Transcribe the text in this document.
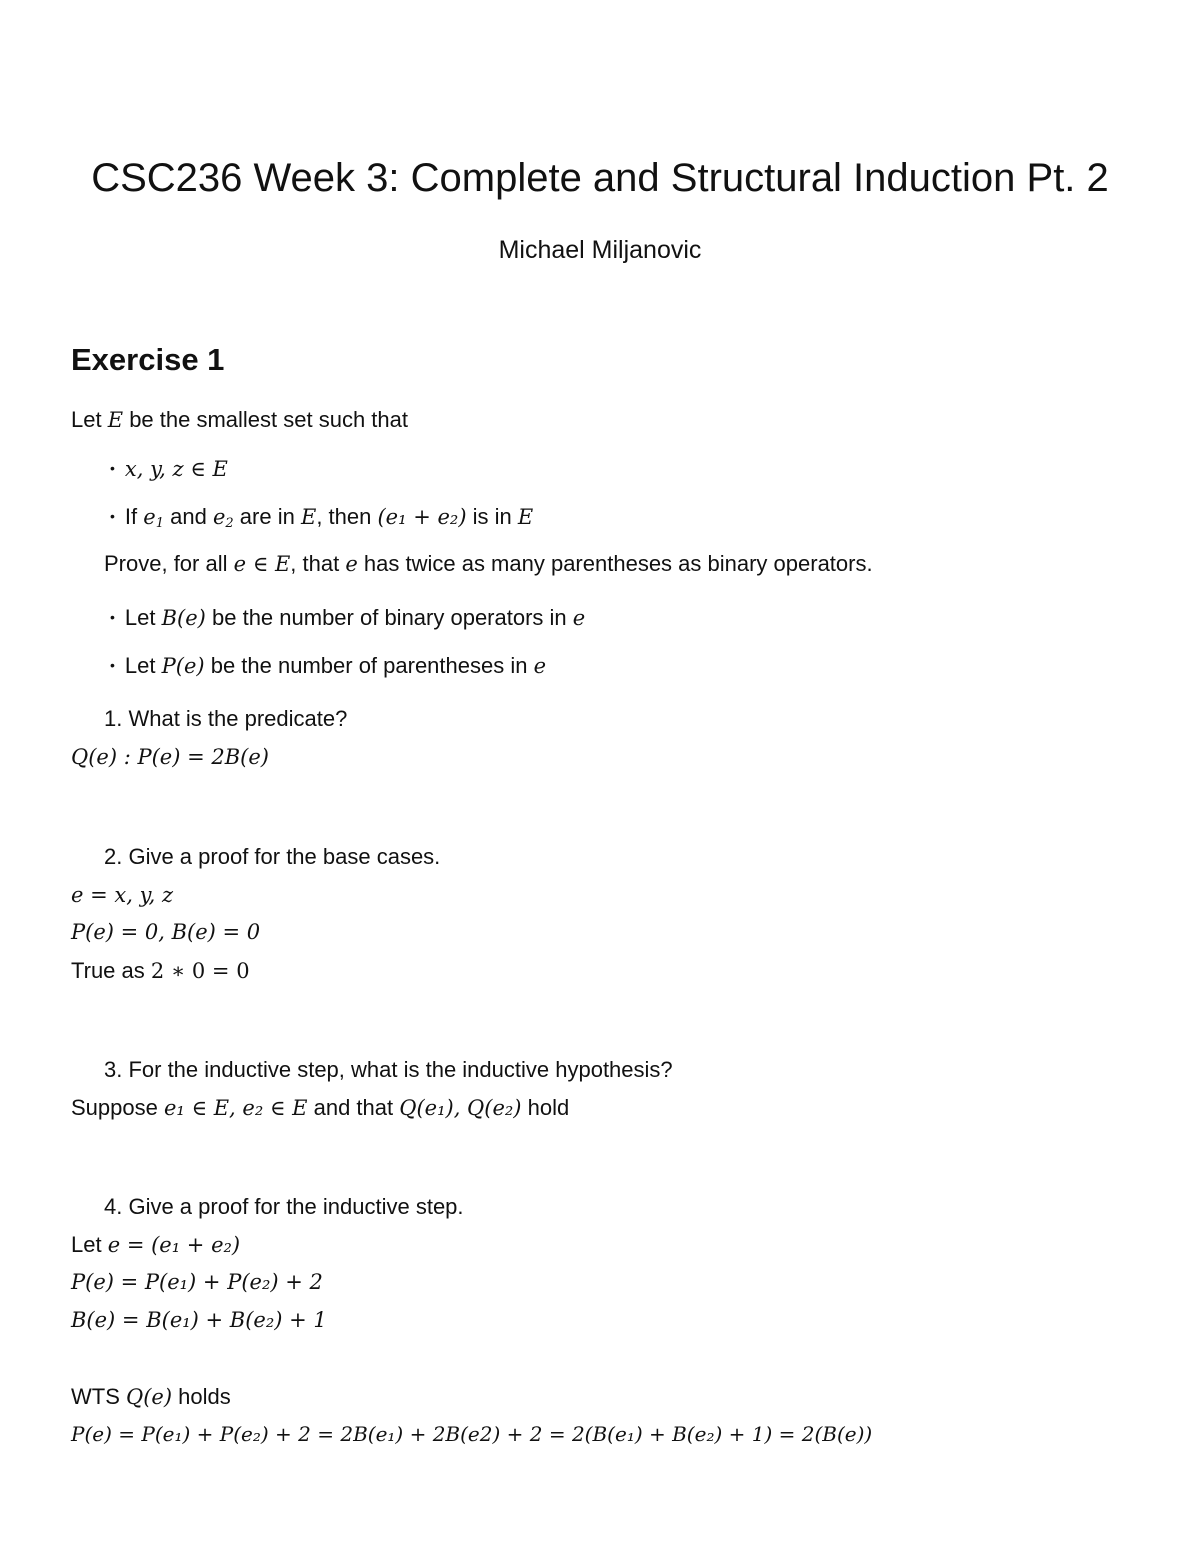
CSC236 Week 3: Complete and Structural Induction Pt. 2
Michael Miljanovic
Exercise 1
Let E be the smallest set such that
• x, y, z ∈ E
• If $e_1$ and $e_2$ are in E, then (e₁ + e₂) is in E
Prove, for all e ∈ E, that e has twice as many parentheses as binary operators.
• Let B(e) be the number of binary operators in e
• Let P(e) be the number of parentheses in e
1. What is the predicate?
Q(e) : P(e) = 2B(e)
2. Give a proof for the base cases.
e = x, y, z
P(e) = 0, B(e) = 0
True as 2 ∗ 0 = 0
3. For the inductive step, what is the inductive hypothesis?
Suppose e₁ ∈ E, e₂ ∈ E and that Q(e₁), Q(e₂) hold
4. Give a proof for the inductive step.
Let e = (e₁ + e₂)
P(e) = P(e₁) + P(e₂) + 2
B(e) = B(e₁) + B(e₂) + 1
WTS Q(e) holds
P(e) = P(e₁) + P(e₂) + 2 = 2B(e₁) + 2B(e2) + 2 = 2(B(e₁) + B(e₂) + 1) = 2(B(e))
